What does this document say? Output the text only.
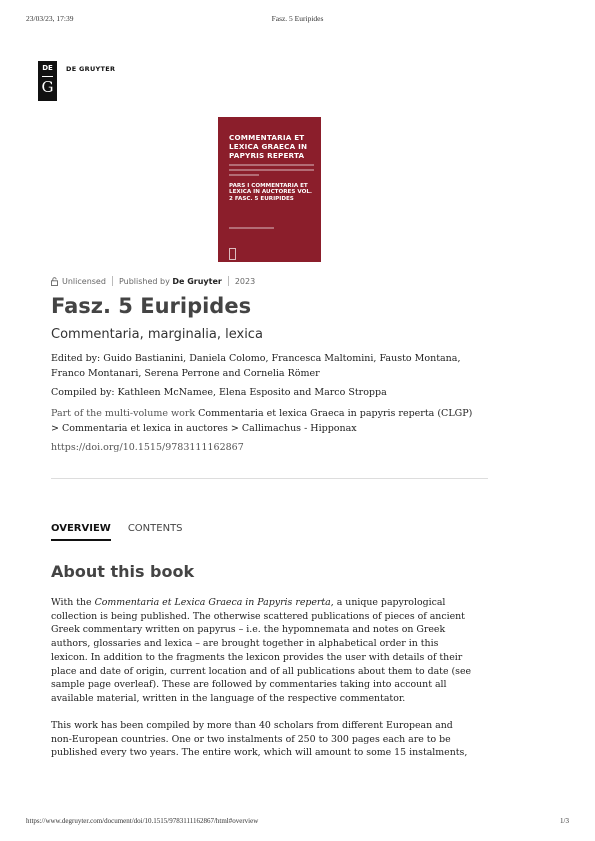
23/03/23, 17:39	Fasz. 5 Euripides
DE
G
DE GRUYTER
COMMENTARIA ET LEXICA GRAECA IN PAPYRIS REPERTA
PARS I COMMENTARIA ET LEXICA IN AUCTORES VOL. 2 FASC. 5 EURIPIDES
Unlicensed Published by De Gruyter 2023
Fasz. 5 Euripides
Commentaria, marginalia, lexica
Edited by: Guido Bastianini, Daniela Colomo, Francesca Maltomini, Fausto Montana, Franco Montanari, Serena Perrone and Cornelia Römer
Compiled by: Kathleen McNamee, Elena Esposito and Marco Stroppa
Part of the multi-volume work Commentaria et lexica Graeca in papyris reperta (CLGP) > Commentaria et lexica in auctores > Callimachus - Hipponax
https://doi.org/10.1515/9783111162867
OVERVIEW CONTENTS
About this book
With the Commentaria et Lexica Graeca in Papyris reperta, a unique papyrological collection is being published. The otherwise scattered publications of pieces of ancient Greek commentary written on papyrus – i.e. the hypomnemata and notes on Greek authors, glossaries and lexica – are brought together in alphabetical order in this lexicon. In addition to the fragments the lexicon provides the user with details of their place and date of origin, current location and of all publications about them to date (see sample page overleaf). These are followed by commentaries taking into account all available material, written in the language of the respective commentator.
This work has been compiled by more than 40 scholars from different European and non-European countries. One or two instalments of 250 to 300 pages each are to be published every two years. The entire work, which will amount to some 15 instalments,
https://www.degruyter.com/document/doi/10.1515/9783111162867/html#overview	1/3
